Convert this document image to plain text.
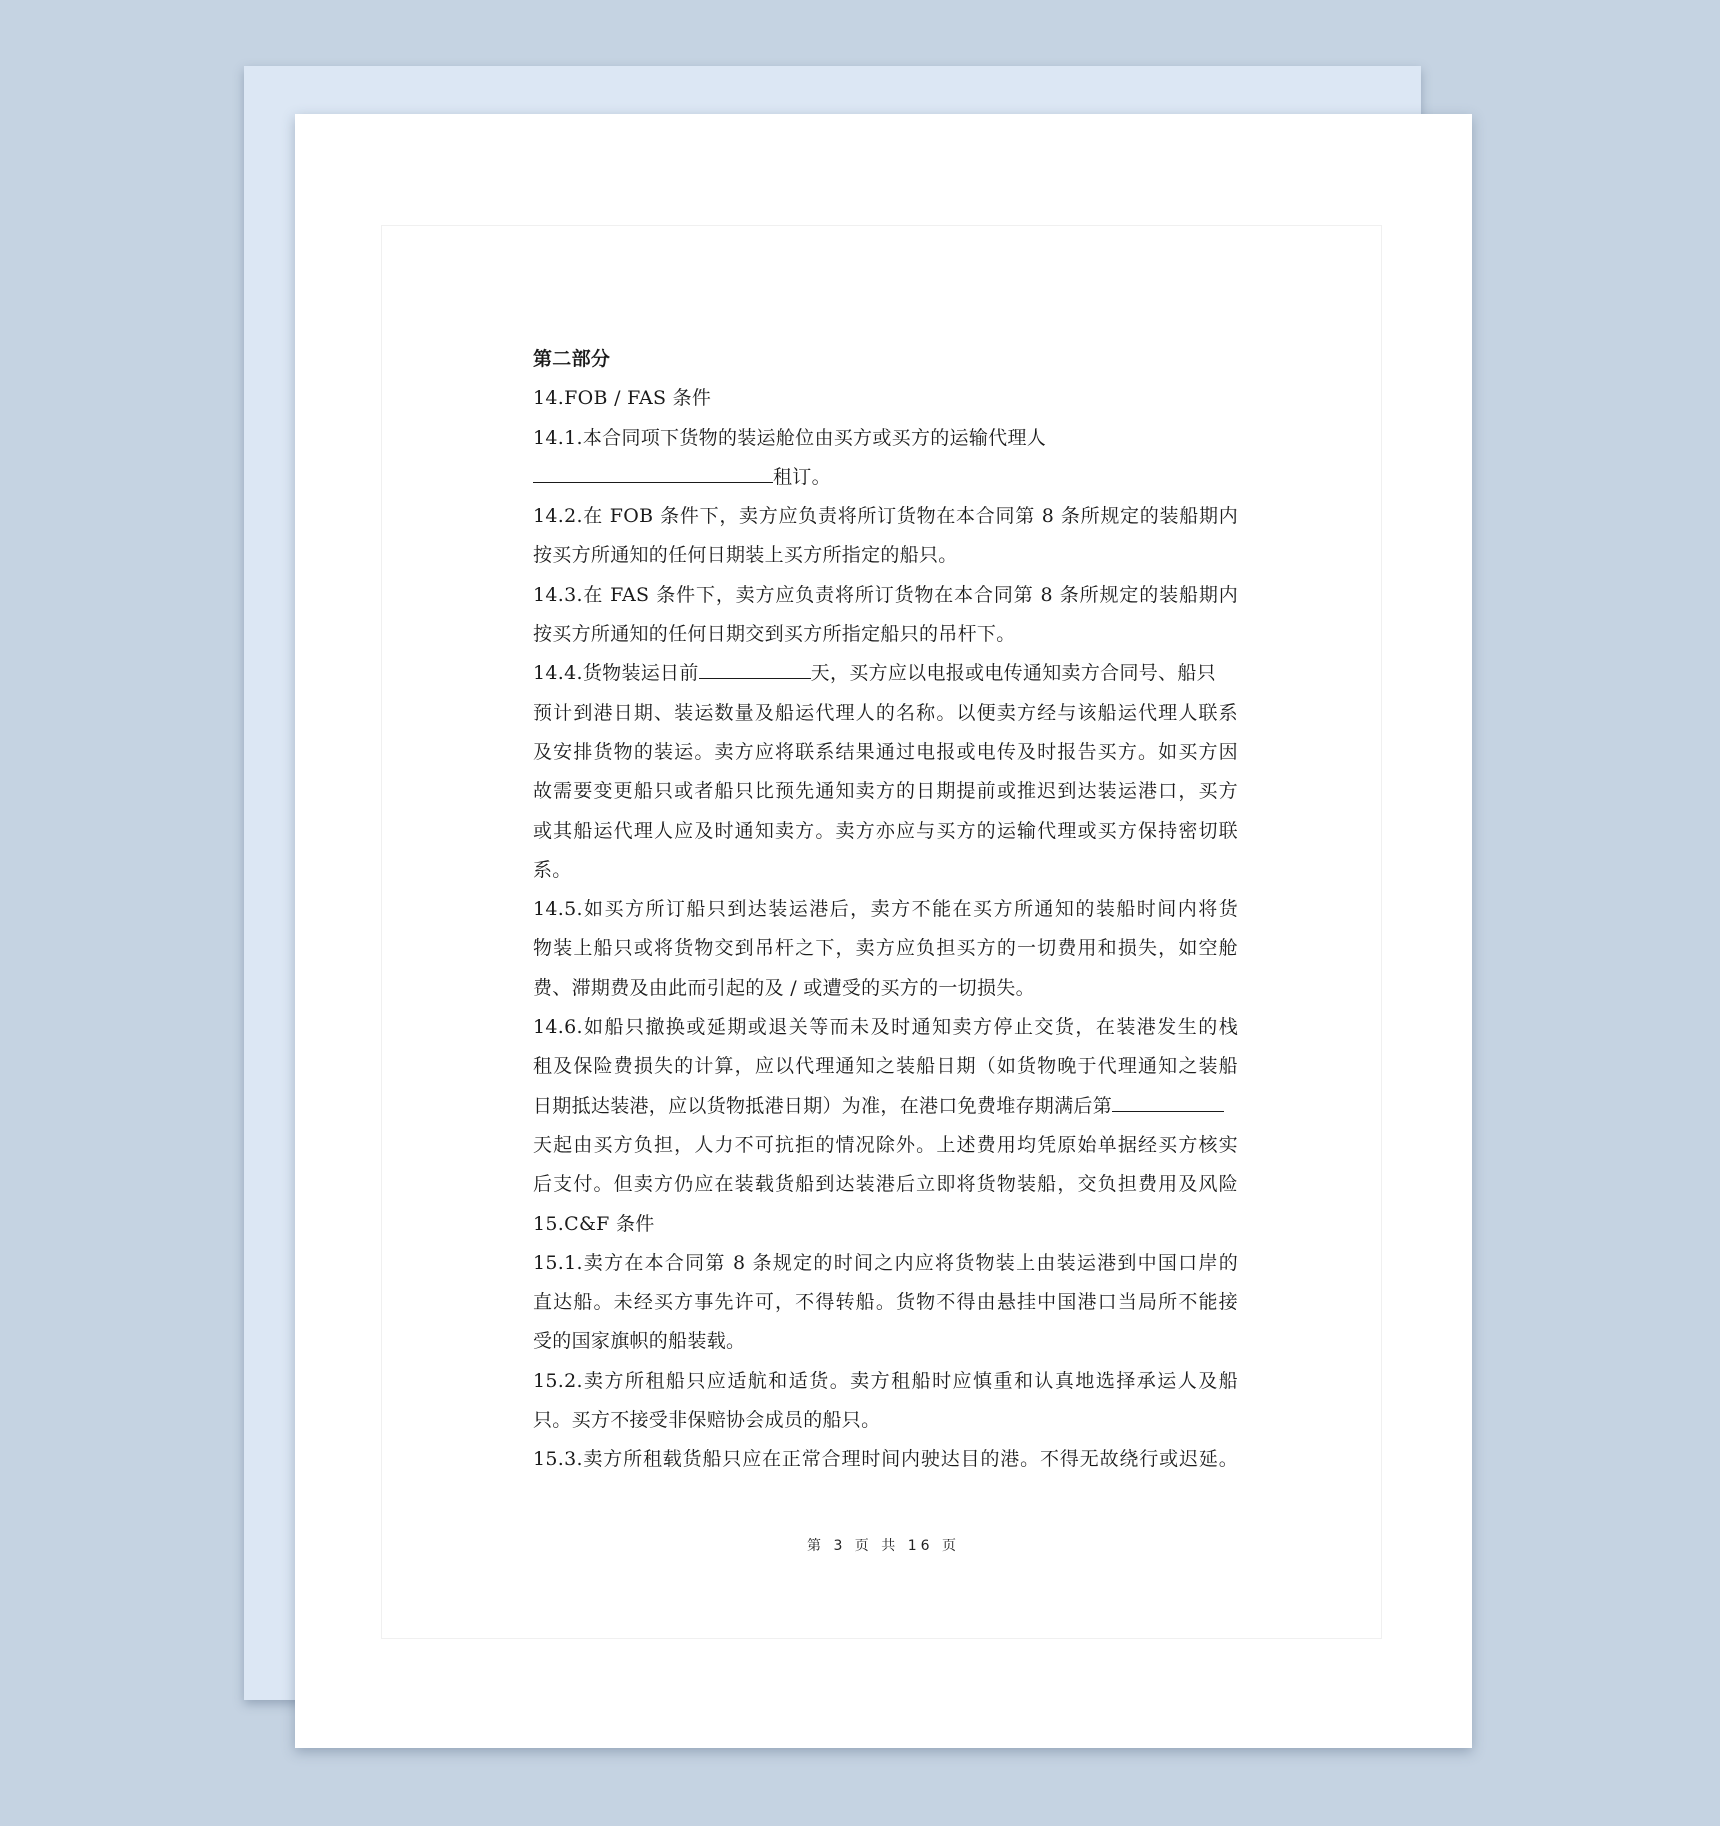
第二部分
14.FOB / FAS 条件
14.1.本合同项下货物的装运舱位由买方或买方的运输代理人
租订。
14.2.在 FOB 条件下，卖方应负责将所订货物在本合同第 8 条所规定的装船期内
按买方所通知的任何日期装上买方所指定的船只。
14.3.在 FAS 条件下，卖方应负责将所订货物在本合同第 8 条所规定的装船期内
按买方所通知的任何日期交到买方所指定船只的吊杆下。
14.4.货物装运日前	天，买方应以电报或电传通知卖方合同号、船只
预计到港日期、装运数量及船运代理人的名称。以便卖方经与该船运代理人联系
及安排货物的装运。卖方应将联系结果通过电报或电传及时报告买方。如买方因
故需要变更船只或者船只比预先通知卖方的日期提前或推迟到达装运港口，买方
或其船运代理人应及时通知卖方。卖方亦应与买方的运输代理或买方保持密切联
系。
14.5.如买方所订船只到达装运港后，卖方不能在买方所通知的装船时间内将货
物装上船只或将货物交到吊杆之下，卖方应负担买方的一切费用和损失，如空舱
费、滞期费及由此而引起的及 / 或遭受的买方的一切损失。
14.6.如船只撤换或延期或退关等而未及时通知卖方停止交货，在装港发生的栈
租及保险费损失的计算，应以代理通知之装船日期（如货物晚于代理通知之装船
日期抵达装港，应以货物抵港日期）为准，在港口免费堆存期满后第
天起由买方负担，人力不可抗拒的情况除外。上述费用均凭原始单据经买方核实
后支付。但卖方仍应在装载货船到达装港后立即将货物装船，交负担费用及风险
15.C&F 条件
15.1.卖方在本合同第 8 条规定的时间之内应将货物装上由装运港到中国口岸的
直达船。未经买方事先许可，不得转船。货物不得由悬挂中国港口当局所不能接
受的国家旗帜的船装载。
15.2.卖方所租船只应适航和适货。卖方租船时应慎重和认真地选择承运人及船
只。买方不接受非保赔协会成员的船只。
15.3.卖方所租载货船只应在正常合理时间内驶达目的港。不得无故绕行或迟延。
第 3 页 共 16 页
